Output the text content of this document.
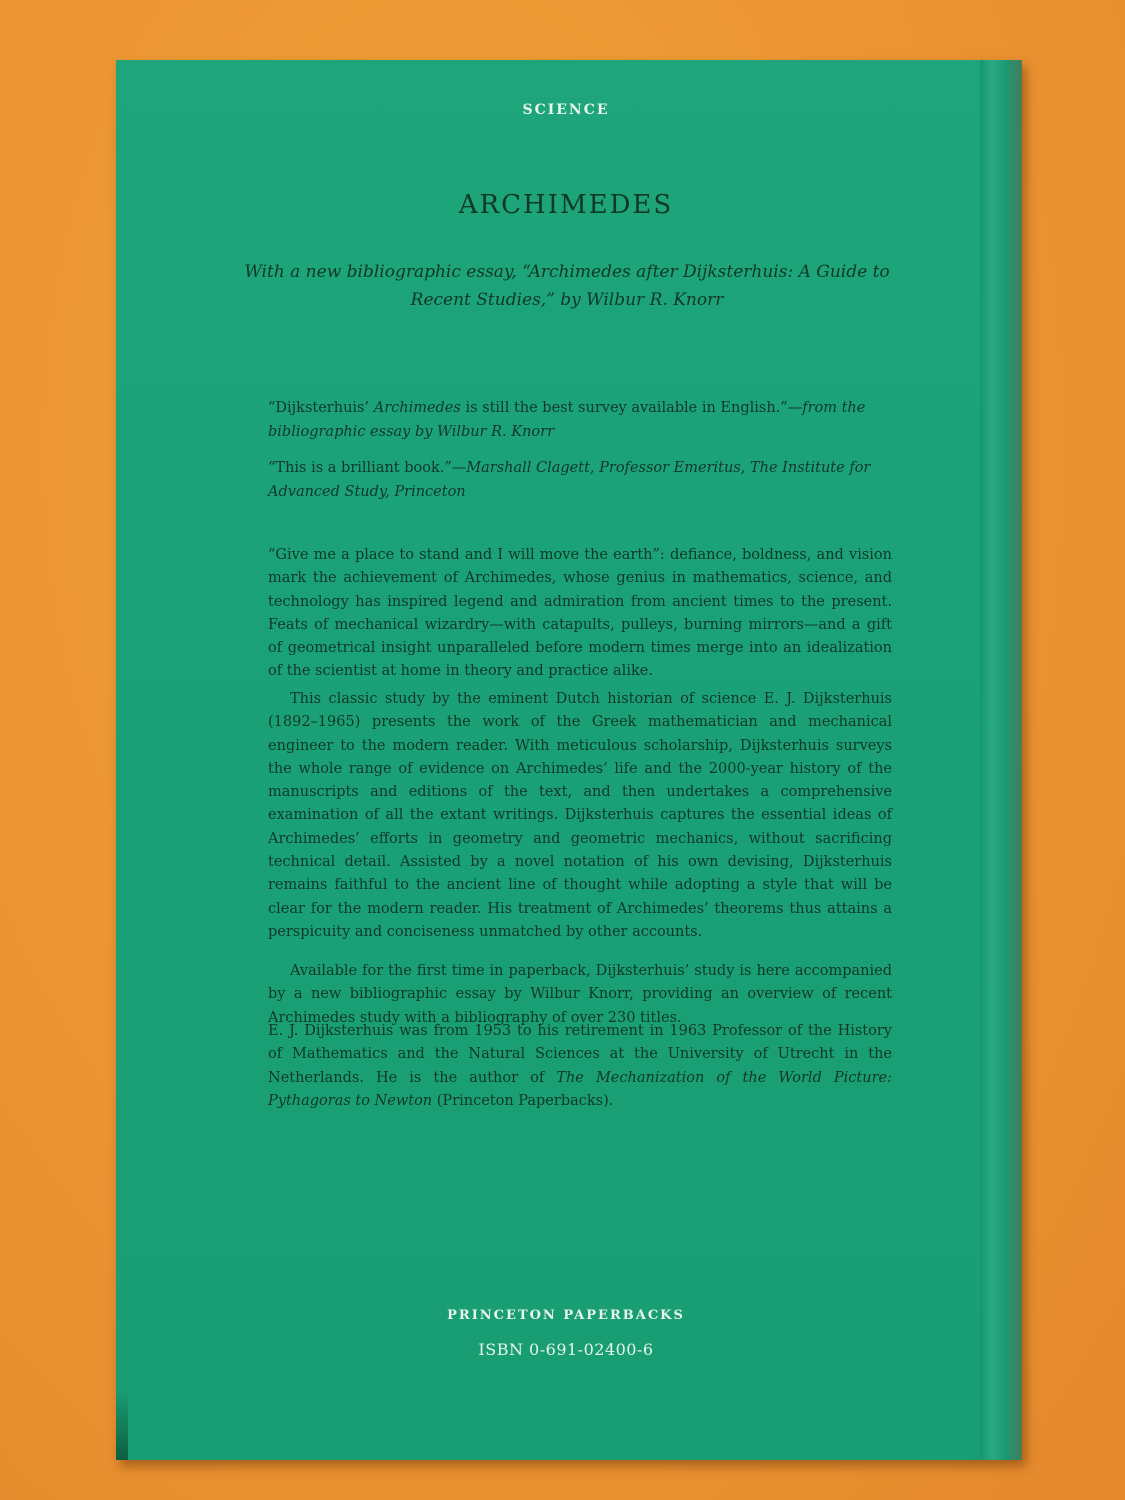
SCIENCE
ARCHIMEDES
With a new bibliographic essay, “Archimedes after Dijksterhuis: A Guide to Recent Studies,” by Wilbur R. Knorr
“Dijksterhuis’ Archimedes is still the best survey available in English.”—from the bibliographic essay by Wilbur R. Knorr
“This is a brilliant book.”—Marshall Clagett, Professor Emeritus, The Institute for Advanced Study, Princeton
“Give me a place to stand and I will move the earth”: defiance, boldness, and vision mark the achievement of Archimedes, whose genius in mathematics, science, and technology has inspired legend and admiration from ancient times to the present. Feats of mechanical wizardry—with catapults, pulleys, burning mirrors—and a gift of geometrical insight unparalleled before modern times merge into an idealization of the scientist at home in theory and practice alike.
This classic study by the eminent Dutch historian of science E. J. Dijksterhuis (1892–1965) presents the work of the Greek mathematician and mechanical engineer to the modern reader. With meticulous scholarship, Dijksterhuis surveys the whole range of evidence on Archimedes’ life and the 2000-year history of the manuscripts and editions of the text, and then undertakes a comprehensive examination of all the extant writings. Dijksterhuis captures the essential ideas of Archimedes’ efforts in geometry and geometric mechanics, without sacrificing technical detail. Assisted by a novel notation of his own devising, Dijksterhuis remains faithful to the ancient line of thought while adopting a style that will be clear for the modern reader. His treatment of Archimedes’ theorems thus attains a perspicuity and conciseness unmatched by other accounts.
Available for the first time in paperback, Dijksterhuis’ study is here accompanied by a new bibliographic essay by Wilbur Knorr, providing an overview of recent Archimedes study with a bibliography of over 230 titles.
E. J. Dijksterhuis was from 1953 to his retirement in 1963 Professor of the History of Mathematics and the Natural Sciences at the University of Utrecht in the Netherlands. He is the author of The Mechanization of the World Picture: Pythagoras to Newton (Princeton Paperbacks).
PRINCETON PAPERBACKS
ISBN 0-691-02400-6
